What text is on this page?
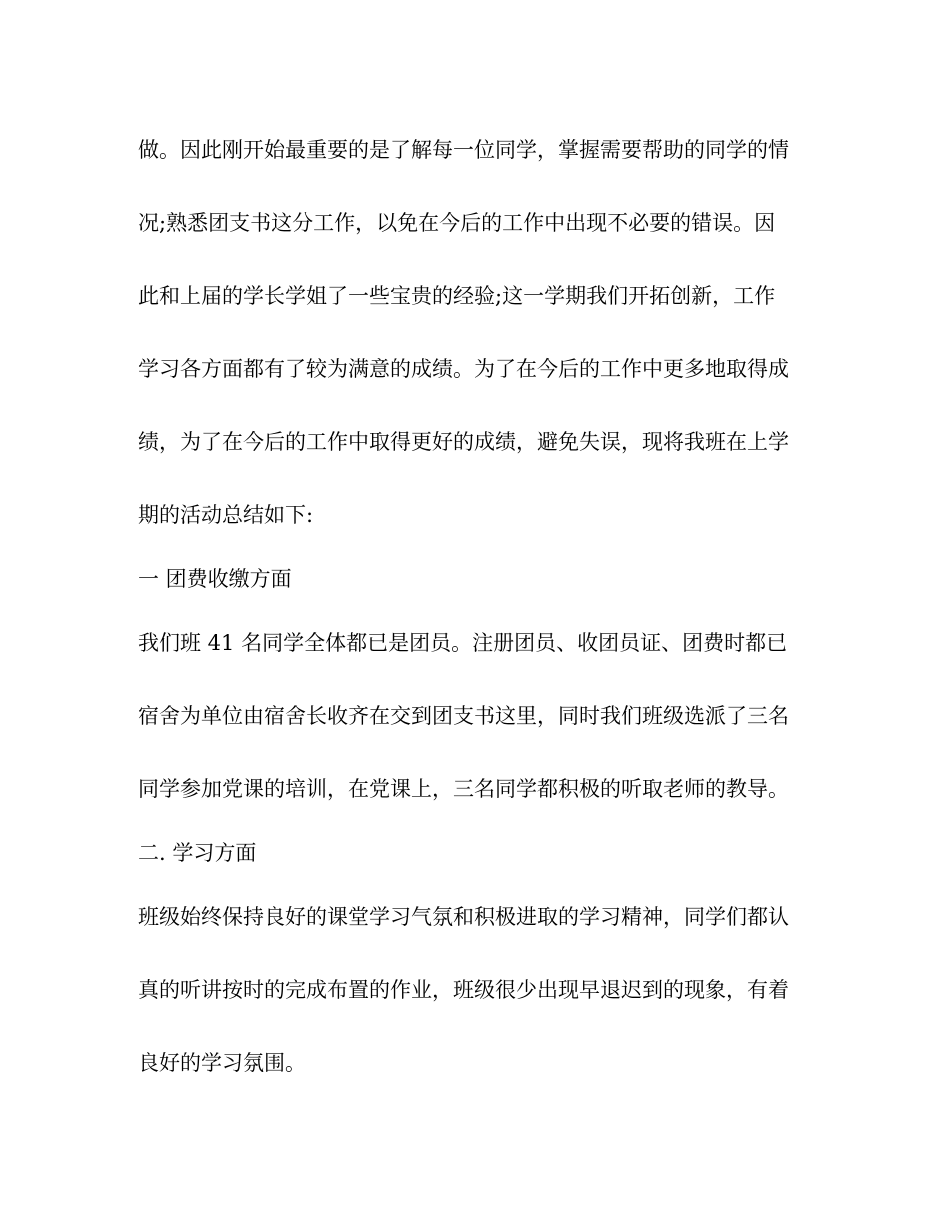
做。因此刚开始最重要的是了解每一位同学，掌握需要帮助的同学的情
况;熟悉团支书这分工作，以免在今后的工作中出现不必要的错误。因
此和上届的学长学姐了一些宝贵的经验;这一学期我们开拓创新，工作
学习各方面都有了较为满意的成绩。为了在今后的工作中更多地取得成
绩，为了在今后的工作中取得更好的成绩，避免失误，现将我班在上学
期的活动总结如下:
一 团费收缴方面
我们班 41 名同学全体都已是团员。注册团员、收团员证、团费时都已
宿舍为单位由宿舍长收齐在交到团支书这里，同时我们班级选派了三名
同学参加党课的培训，在党课上，三名同学都积极的听取老师的教导。
二. 学习方面
班级始终保持良好的课堂学习气氛和积极进取的学习精神，同学们都认
真的听讲按时的完成布置的作业，班级很少出现早退迟到的现象，有着
良好的学习氛围。
